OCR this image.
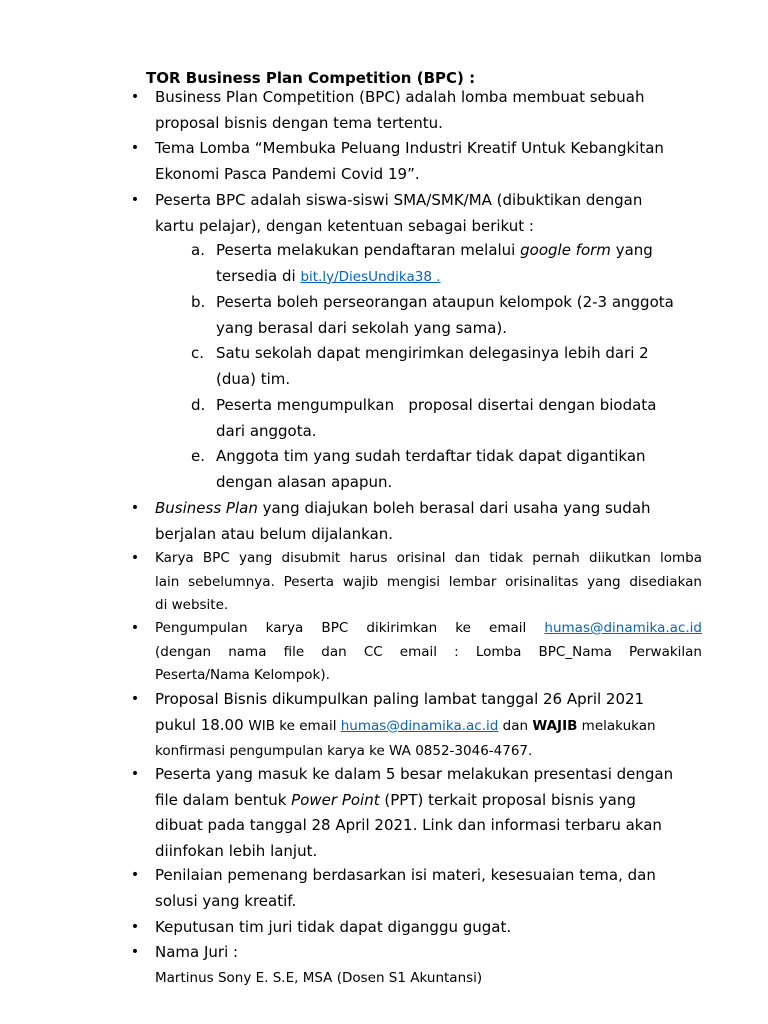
TOR Business Plan Competition (BPC) :
• Business Plan Competition (BPC) adalah lomba membuat sebuah
proposal bisnis dengan tema tertentu.
• Tema Lomba “Membuka Peluang Industri Kreatif Untuk Kebangkitan
Ekonomi Pasca Pandemi Covid 19”.
• Peserta BPC adalah siswa-siswi SMA/SMK/MA (dibuktikan dengan
kartu pelajar), dengan ketentuan sebagai berikut :
a. Peserta melakukan pendaftaran melalui google form yang
tersedia di bit.ly/DiesUndika38 .
b. Peserta boleh perseorangan ataupun kelompok (2-3 anggota
yang berasal dari sekolah yang sama).
c. Satu sekolah dapat mengirimkan delegasinya lebih dari 2
(dua) tim.
d. Peserta mengumpulkan   proposal disertai dengan biodata
dari anggota.
e. Anggota tim yang sudah terdaftar tidak dapat digantikan
dengan alasan apapun.
• Business Plan yang diajukan boleh berasal dari usaha yang sudah
berjalan atau belum dijalankan.
• Karya BPC yang disubmit harus orisinal dan tidak pernah diikutkan lomba
lain sebelumnya. Peserta wajib mengisi lembar orisinalitas yang disediakan
di website.
• Pengumpulan karya BPC dikirimkan ke email humas@dinamika.ac.id
(dengan nama file dan CC email : Lomba BPC_Nama Perwakilan
Peserta/Nama Kelompok).
• Proposal Bisnis dikumpulkan paling lambat tanggal 26 April 2021
pukul 18.00 WIB ke email humas@dinamika.ac.id dan WAJIB melakukan
konfirmasi pengumpulan karya ke WA 0852-3046-4767.
• Peserta yang masuk ke dalam 5 besar melakukan presentasi dengan
file dalam bentuk Power Point (PPT) terkait proposal bisnis yang
dibuat pada tanggal 28 April 2021. Link dan informasi terbaru akan
diinfokan lebih lanjut.
• Penilaian pemenang berdasarkan isi materi, kesesuaian tema, dan
solusi yang kreatif.
• Keputusan tim juri tidak dapat diganggu gugat.
• Nama Juri :
Martinus Sony E. S.E, MSA (Dosen S1 Akuntansi)
